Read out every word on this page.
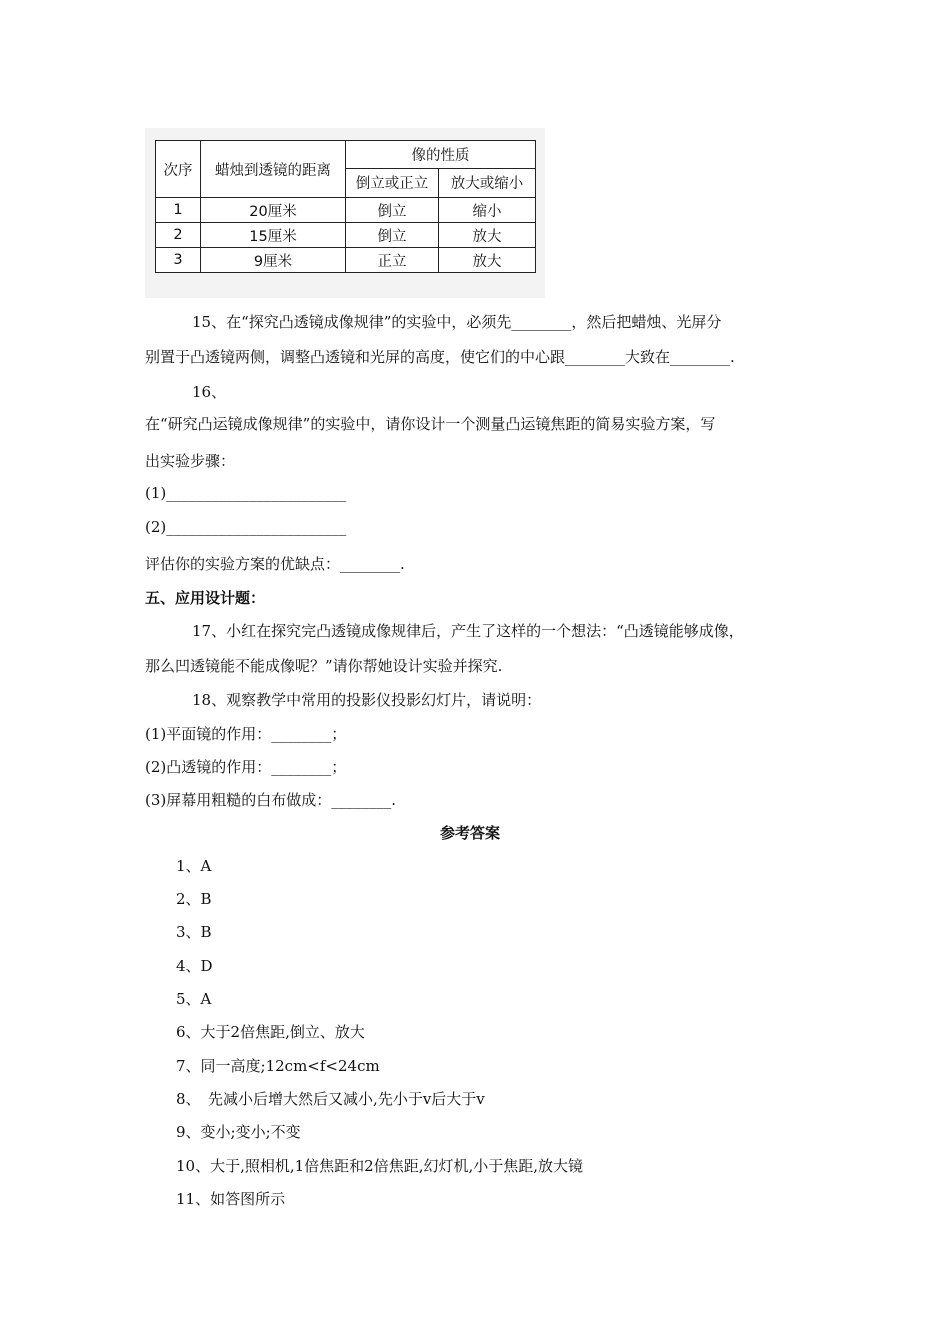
次序	蜡烛到透镜的距离	像的性质	
		倒立或正立	放大或缩小
1	20厘米	倒立	缩小
2	15厘米	倒立	放大
3	9厘米	正立	放大
15、在“探究凸透镜成像规律”的实验中，必须先________，然后把蜡烛、光屏分
别置于凸透镜两侧，调整凸透镜和光屏的高度，使它们的中心跟________大致在________.
16、
在“研究凸运镜成像规律”的实验中，请你设计一个测量凸运镜焦距的简易实验方案，写
出实验步骤：
(1)________________________
(2)________________________
评估你的实验方案的优缺点：________.
五、应用设计题：
17、小红在探究完凸透镜成像规律后，产生了这样的一个想法：“凸透镜能够成像，
那么凹透镜能不能成像呢？”请你帮她设计实验并探究.
18、观察教学中常用的投影仪投影幻灯片，请说明：
(1)平面镜的作用：________；
(2)凸透镜的作用：________；
(3)屏幕用粗糙的白布做成：________.
参考答案
1、A
2、B
3、B
4、D
5、A
6、大于2倍焦距,倒立、放大
7、同一高度;12cm<f<24cm
8、　先减小后增大然后又减小,先小于v后大于v
9、变小;变小;不变
10、大于,照相机,1倍焦距和2倍焦距,幻灯机,小于焦距,放大镜
11、如答图所示
